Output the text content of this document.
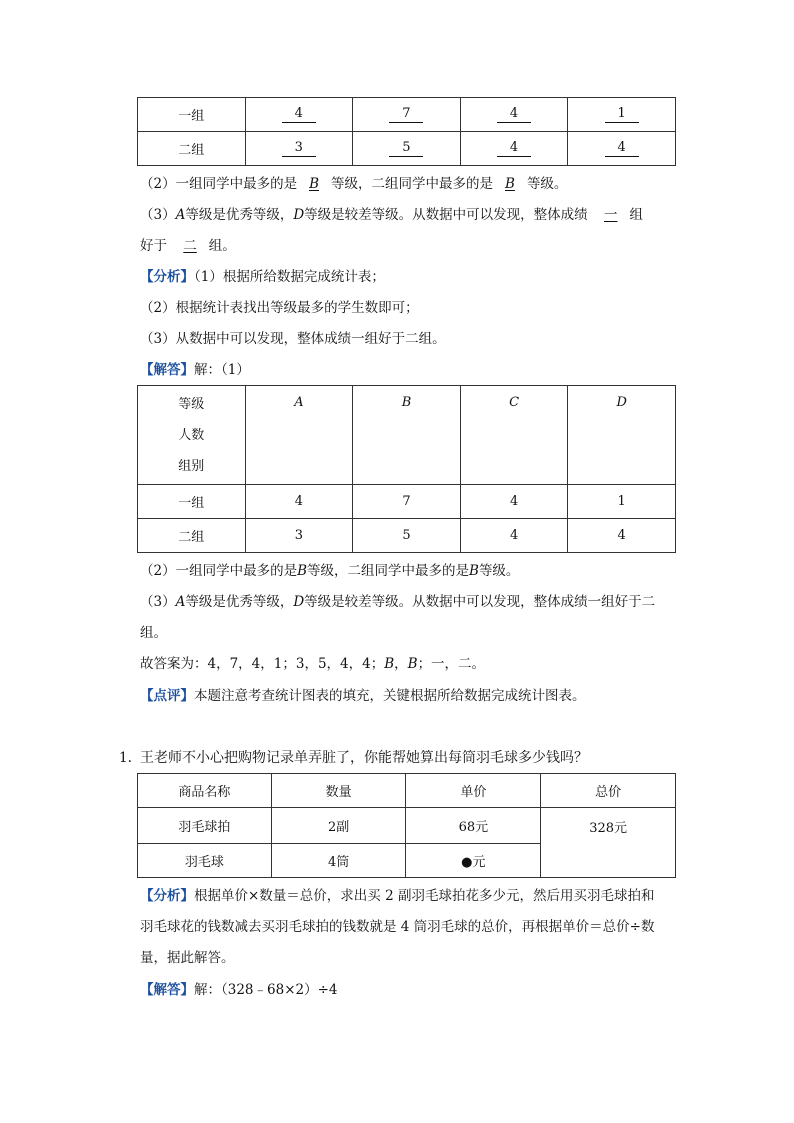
一组	4	7	4	1
二组	3	5	4	4
（2）一组同学中最多的是 B 等级，二组同学中最多的是 B 等级。
（3）A等级是优秀等级，D等级是较差等级。从数据中可以发现，整体成绩 一 组
好于 二 组。
【分析】（1）根据所给数据完成统计表；
（2）根据统计表找出等级最多的学生数即可；
（3）从数据中可以发现，整体成绩一组好于二组。
【解答】解：（1）
等级
人数
组别	A	B	C	D
一组	4	7	4	1
二组	3	5	4	4
（2）一组同学中最多的是B等级，二组同学中最多的是B等级。
（3）A等级是优秀等级，D等级是较差等级。从数据中可以发现，整体成绩一组好于二
组。
故答案为：4，7，4，1；3，5，4，4；B，B；一，二。
【点评】本题注意考查统计图表的填充，关键根据所给数据完成统计图表。
1. 王老师不小心把购物记录单弄脏了，你能帮她算出每筒羽毛球多少钱吗？
商品名称	数量	单价	总价
羽毛球拍	2副	68元	328元
羽毛球	4筒	●元	
【分析】根据单价×数量＝总价，求出买 2 副羽毛球拍花多少元，然后用买羽毛球拍和
羽毛球花的钱数减去买羽毛球拍的钱数就是 4 筒羽毛球的总价，再根据单价＝总价÷数
量，据此解答。
【解答】解：（328﹣68×2）÷4
